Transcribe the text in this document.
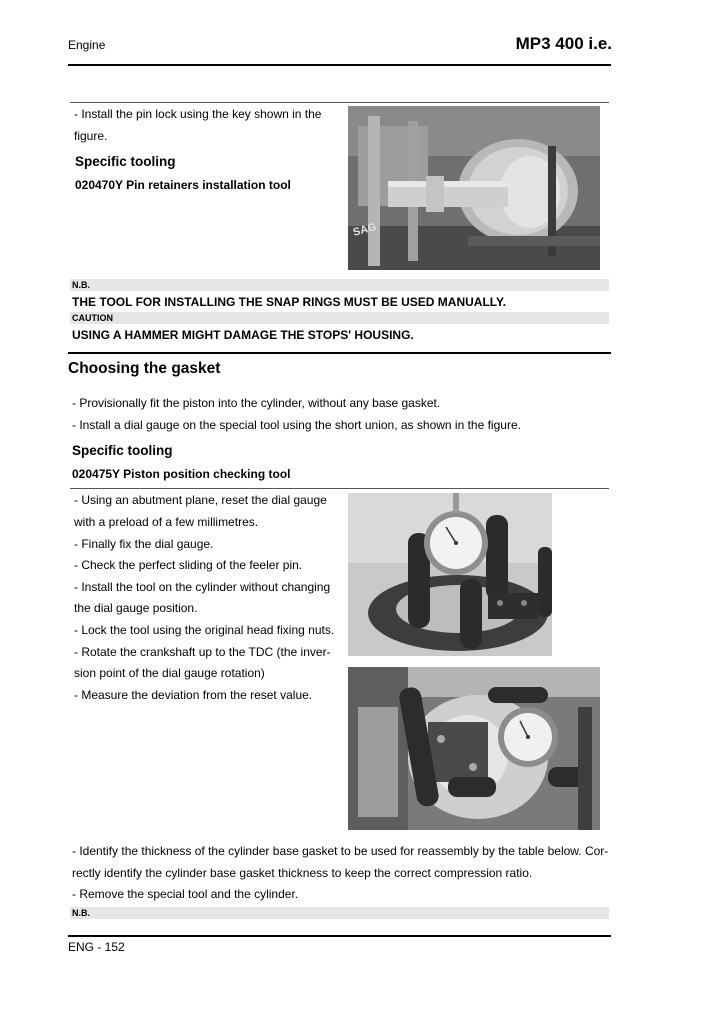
Engine	MP3 400 i.e.
- Install the pin lock using the key shown in the
figure.
Specific tooling
020470Y Pin retainers installation tool
SAG
N.B.
THE TOOL FOR INSTALLING THE SNAP RINGS MUST BE USED MANUALLY.
CAUTION
USING A HAMMER MIGHT DAMAGE THE STOPS' HOUSING.
Choosing the gasket
- Provisionally fit the piston into the cylinder, without any base gasket.
- Install a dial gauge on the special tool using the short union, as shown in the figure.
Specific tooling
020475Y Piston position checking tool
- Using an abutment plane, reset the dial gauge
with a preload of a few millimetres.
- Finally fix the dial gauge.
- Check the perfect sliding of the feeler pin.
- Install the tool on the cylinder without changing
the dial gauge position.
- Lock the tool using the original head fixing nuts.
- Rotate the crankshaft up to the TDC (the inver-
sion point of the dial gauge rotation)
- Measure the deviation from the reset value.
- Identify the thickness of the cylinder base gasket to be used for reassembly by the table below. Cor-
rectly identify the cylinder base gasket thickness to keep the correct compression ratio.
- Remove the special tool and the cylinder.
N.B.
ENG - 152
